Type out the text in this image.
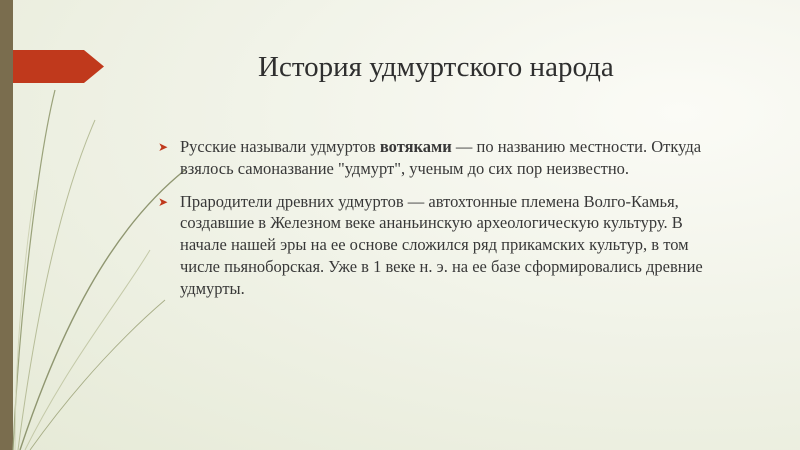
История удмуртского народа
➤ Русские называли удмуртов вотяками — по названию местности. Откуда взялось самоназвание "удмурт", ученым до сих пор неизвестно.
➤ Прародители древних удмуртов — автохтонные племена Волго-Камья, создавшие в Железном веке ананьинскую археологическую культуру. В начале нашей эры на ее основе сложился ряд прикамских культур, в том числе пьяноборская. Уже в 1 веке н. э. на ее базе сформировались древние удмурты.
